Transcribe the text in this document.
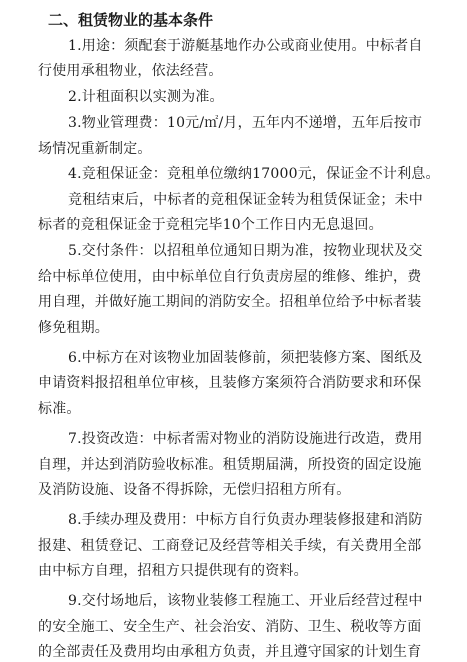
二、租赁物业的基本条件
1.用途：须配套于游艇基地作办公或商业使用。中标者自
行使用承租物业，依法经营。
2.计租面积以实测为准。
3.物业管理费：10元/㎡/月，五年内不递增，五年后按市
场情况重新制定。
4.竞租保证金：竞租单位缴纳17000元，保证金不计利息。
竞租结束后，中标者的竞租保证金转为租赁保证金；未中
标者的竞租保证金于竞租完毕10个工作日内无息退回。
5.交付条件：以招租单位通知日期为准，按物业现状及交
给中标单位使用，由中标单位自行负责房屋的维修、维护，费
用自理，并做好施工期间的消防安全。招租单位给予中标者装
修免租期。
6.中标方在对该物业加固装修前，须把装修方案、图纸及
申请资料报招租单位审核，且装修方案须符合消防要求和环保
标准。
7.投资改造：中标者需对物业的消防设施进行改造，费用
自理，并达到消防验收标准。租赁期届满，所投资的固定设施
及消防设施、设备不得拆除，无偿归招租方所有。
8.手续办理及费用：中标方自行负责办理装修报建和消防
报建、租赁登记、工商登记及经营等相关手续，有关费用全部
由中标方自理，招租方只提供现有的资料。
9.交付场地后，该物业装修工程施工、开业后经营过程中
的安全施工、安全生产、社会治安、消防、卫生、税收等方面
的全部责任及费用均由承租方负责，并且遵守国家的计划生育
